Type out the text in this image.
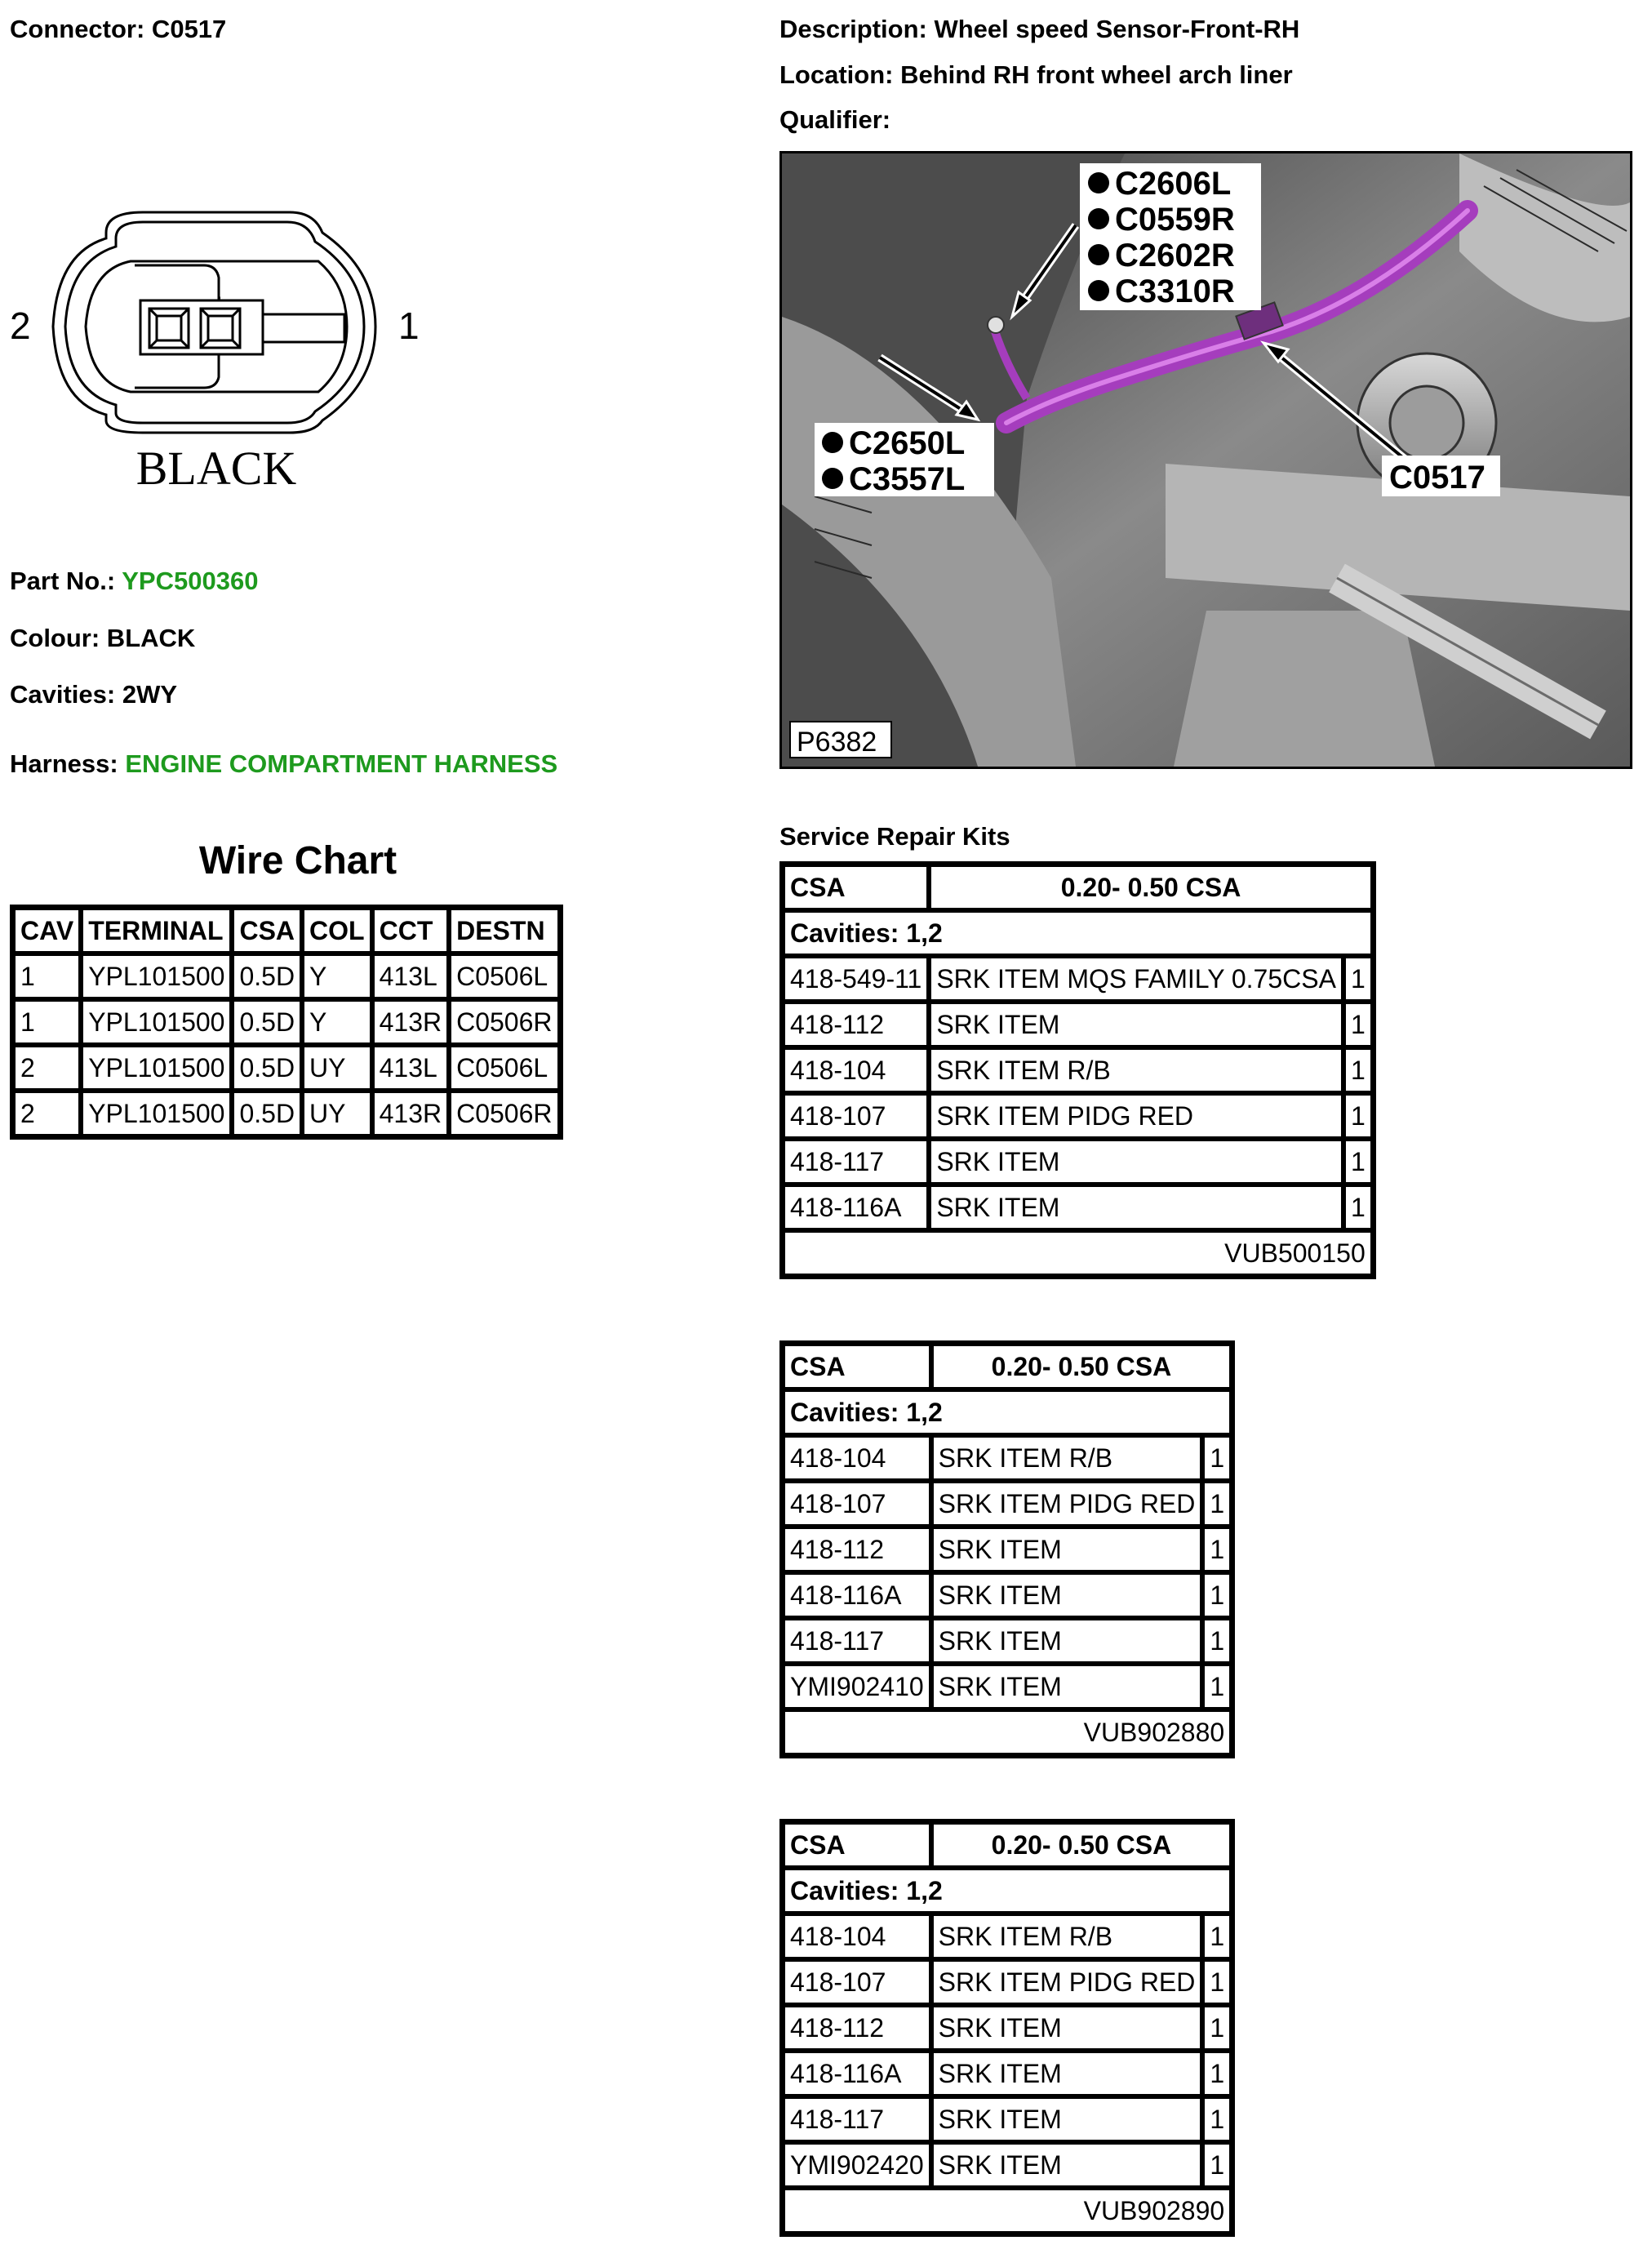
Connector: C0517	Description: Wheel speed Sensor-Front-RH
Location: Behind RH front wheel arch liner
Qualifier:
2	1
BLACK
Part No.: YPC500360
Colour: BLACK
Cavities: 2WY
Harness: ENGINE COMPARTMENT HARNESS
Wire Chart
CAV	TERMINAL	CSA	COL	CCT	DESTN
1	YPL101500	0.5D	Y	413L	C0506L
1	YPL101500	0.5D	Y	413R	C0506R
2	YPL101500	0.5D	UY	413L	C0506L
2	YPL101500	0.5D	UY	413R	C0506R
C2606L
C0559R
C2602R
C3310R
C2650L
C3557L	C0517
P6382
Service Repair Kits
CSA	0.20- 0.50 CSA	
Cavities: 1,2		
418-549-11	SRK ITEM MQS FAMILY 0.75CSA	1
418-112	SRK ITEM	1
418-104	SRK ITEM R/B	1
418-107	SRK ITEM PIDG RED	1
418-117	SRK ITEM	1
418-116A	SRK ITEM	1
VUB500150		
CSA	0.20- 0.50 CSA	
Cavities: 1,2		
418-104	SRK ITEM R/B	1
418-107	SRK ITEM PIDG RED	1
418-112	SRK ITEM	1
418-116A	SRK ITEM	1
418-117	SRK ITEM	1
YMI902410	SRK ITEM	1
VUB902880		
CSA	0.20- 0.50 CSA	
Cavities: 1,2		
418-104	SRK ITEM R/B	1
418-107	SRK ITEM PIDG RED	1
418-112	SRK ITEM	1
418-116A	SRK ITEM	1
418-117	SRK ITEM	1
YMI902420	SRK ITEM	1
VUB902890		
